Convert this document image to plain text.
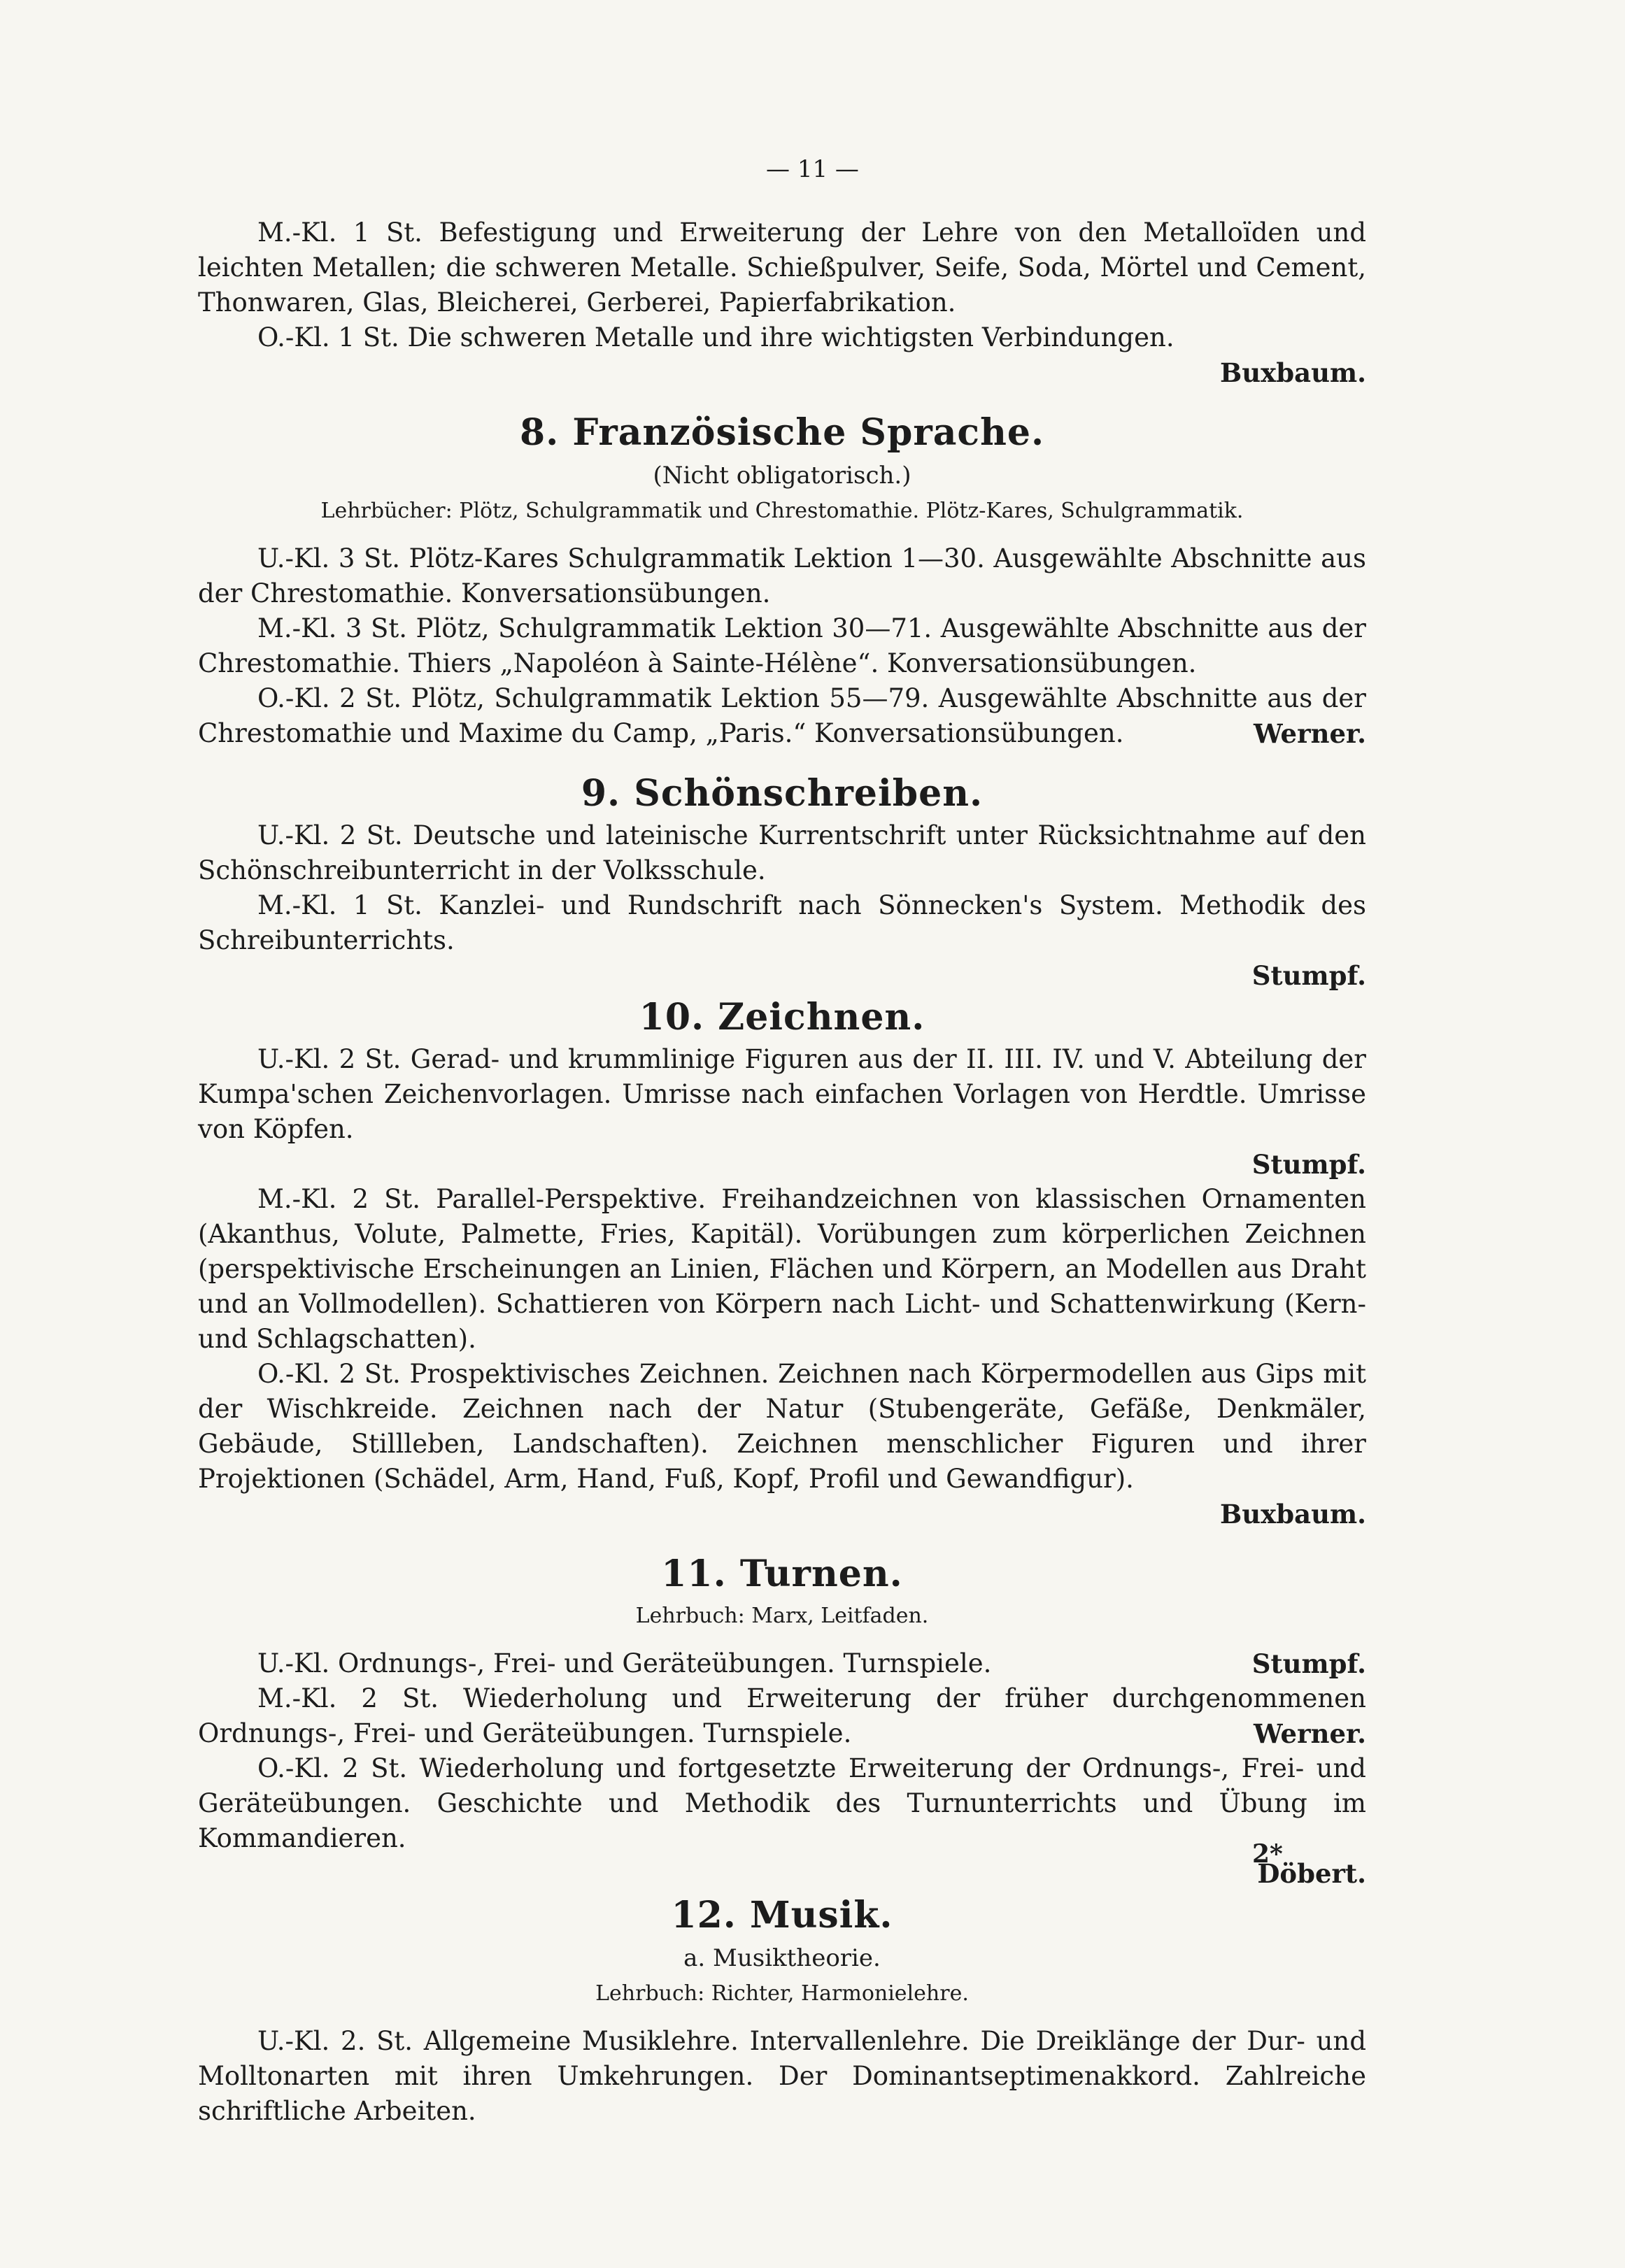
— 11 —

M.-Kl. 1 St. Befestigung und Erweiterung der Lehre von den Metalloïden und leichten Metallen; die schweren Metalle. Schießpulver, Seife, Soda, Mörtel und Cement, Thonwaren, Glas, Bleicherei, Gerberei, Papierfabrikation.

O.-Kl. 1 St. Die schweren Metalle und ihre wichtigsten Verbindungen.
Buxbaum.

8. Französische Sprache.
(Nicht obligatorisch.)
Lehrbücher: Plötz, Schulgrammatik und Chrestomathie. Plötz-Kares, Schulgrammatik.

U.-Kl. 3 St. Plötz-Kares Schulgrammatik Lektion 1—30. Ausgewählte Abschnitte aus der Chrestomathie. Konversationsübungen.

M.-Kl. 3 St. Plötz, Schulgrammatik Lektion 30—71. Ausgewählte Abschnitte aus der Chrestomathie. Thiers „Napoléon à Sainte-Hélène“. Konversationsübungen.

O.-Kl. 2 St. Plötz, Schulgrammatik Lektion 55—79. Ausgewählte Abschnitte aus der Chrestomathie und Maxime du Camp, „Paris.“ Konversationsübungen.	Werner.

9. Schönschreiben.

U.-Kl. 2 St. Deutsche und lateinische Kurrentschrift unter Rücksichtnahme auf den Schönschreibunterricht in der Volksschule.

M.-Kl. 1 St. Kanzlei- und Rundschrift nach Sönnecken's System. Methodik des Schreibunterrichts.

Stumpf.
10. Zeichnen.

U.-Kl. 2 St. Gerad- und krummlinige Figuren aus der II. III. IV. und V. Abteilung der Kumpa'schen Zeichenvorlagen. Umrisse nach einfachen Vorlagen von Herdtle. Umrisse von Köpfen.

Stumpf.

M.-Kl. 2 St. Parallel-Perspektive. Freihandzeichnen von klassischen Ornamenten (Akanthus, Volute, Palmette, Fries, Kapitäl). Vorübungen zum körperlichen Zeichnen (perspektivische Erscheinungen an Linien, Flächen und Körpern, an Modellen aus Draht und an Vollmodellen). Schattieren von Körpern nach Licht- und Schattenwirkung (Kern- und Schlagschatten).

O.-Kl. 2 St. Prospektivisches Zeichnen. Zeichnen nach Körpermodellen aus Gips mit der Wischkreide. Zeichnen nach der Natur (Stubengeräte, Gefäße, Denkmäler, Gebäude, Stillleben, Landschaften). Zeichnen menschlicher Figuren und ihrer Projektionen (Schädel, Arm, Hand, Fuß, Kopf, Profil und Gewandfigur).

Buxbaum.
11. Turnen.
Lehrbuch: Marx, Leitfaden.

U.-Kl. Ordnungs-, Frei- und Geräteübungen. Turnspiele.	Stumpf.

M.-Kl. 2 St. Wiederholung und Erweiterung der früher durchgenommenen Ordnungs-, Frei- und Geräteübungen. Turnspiele.	Werner.

O.-Kl. 2 St. Wiederholung und fortgesetzte Erweiterung der Ordnungs-, Frei- und Geräteübungen. Geschichte und Methodik des Turnunterrichts und Übung im Kommandieren.

Döbert.
12. Musik.
a. Musiktheorie.
Lehrbuch: Richter, Harmonielehre.

U.-Kl. 2. St. Allgemeine Musiklehre. Intervallenlehre. Die Dreiklänge der Dur- und Molltonarten mit ihren Umkehrungen. Der Dominantseptimenakkord. Zahlreiche schriftliche Arbeiten.

2*
